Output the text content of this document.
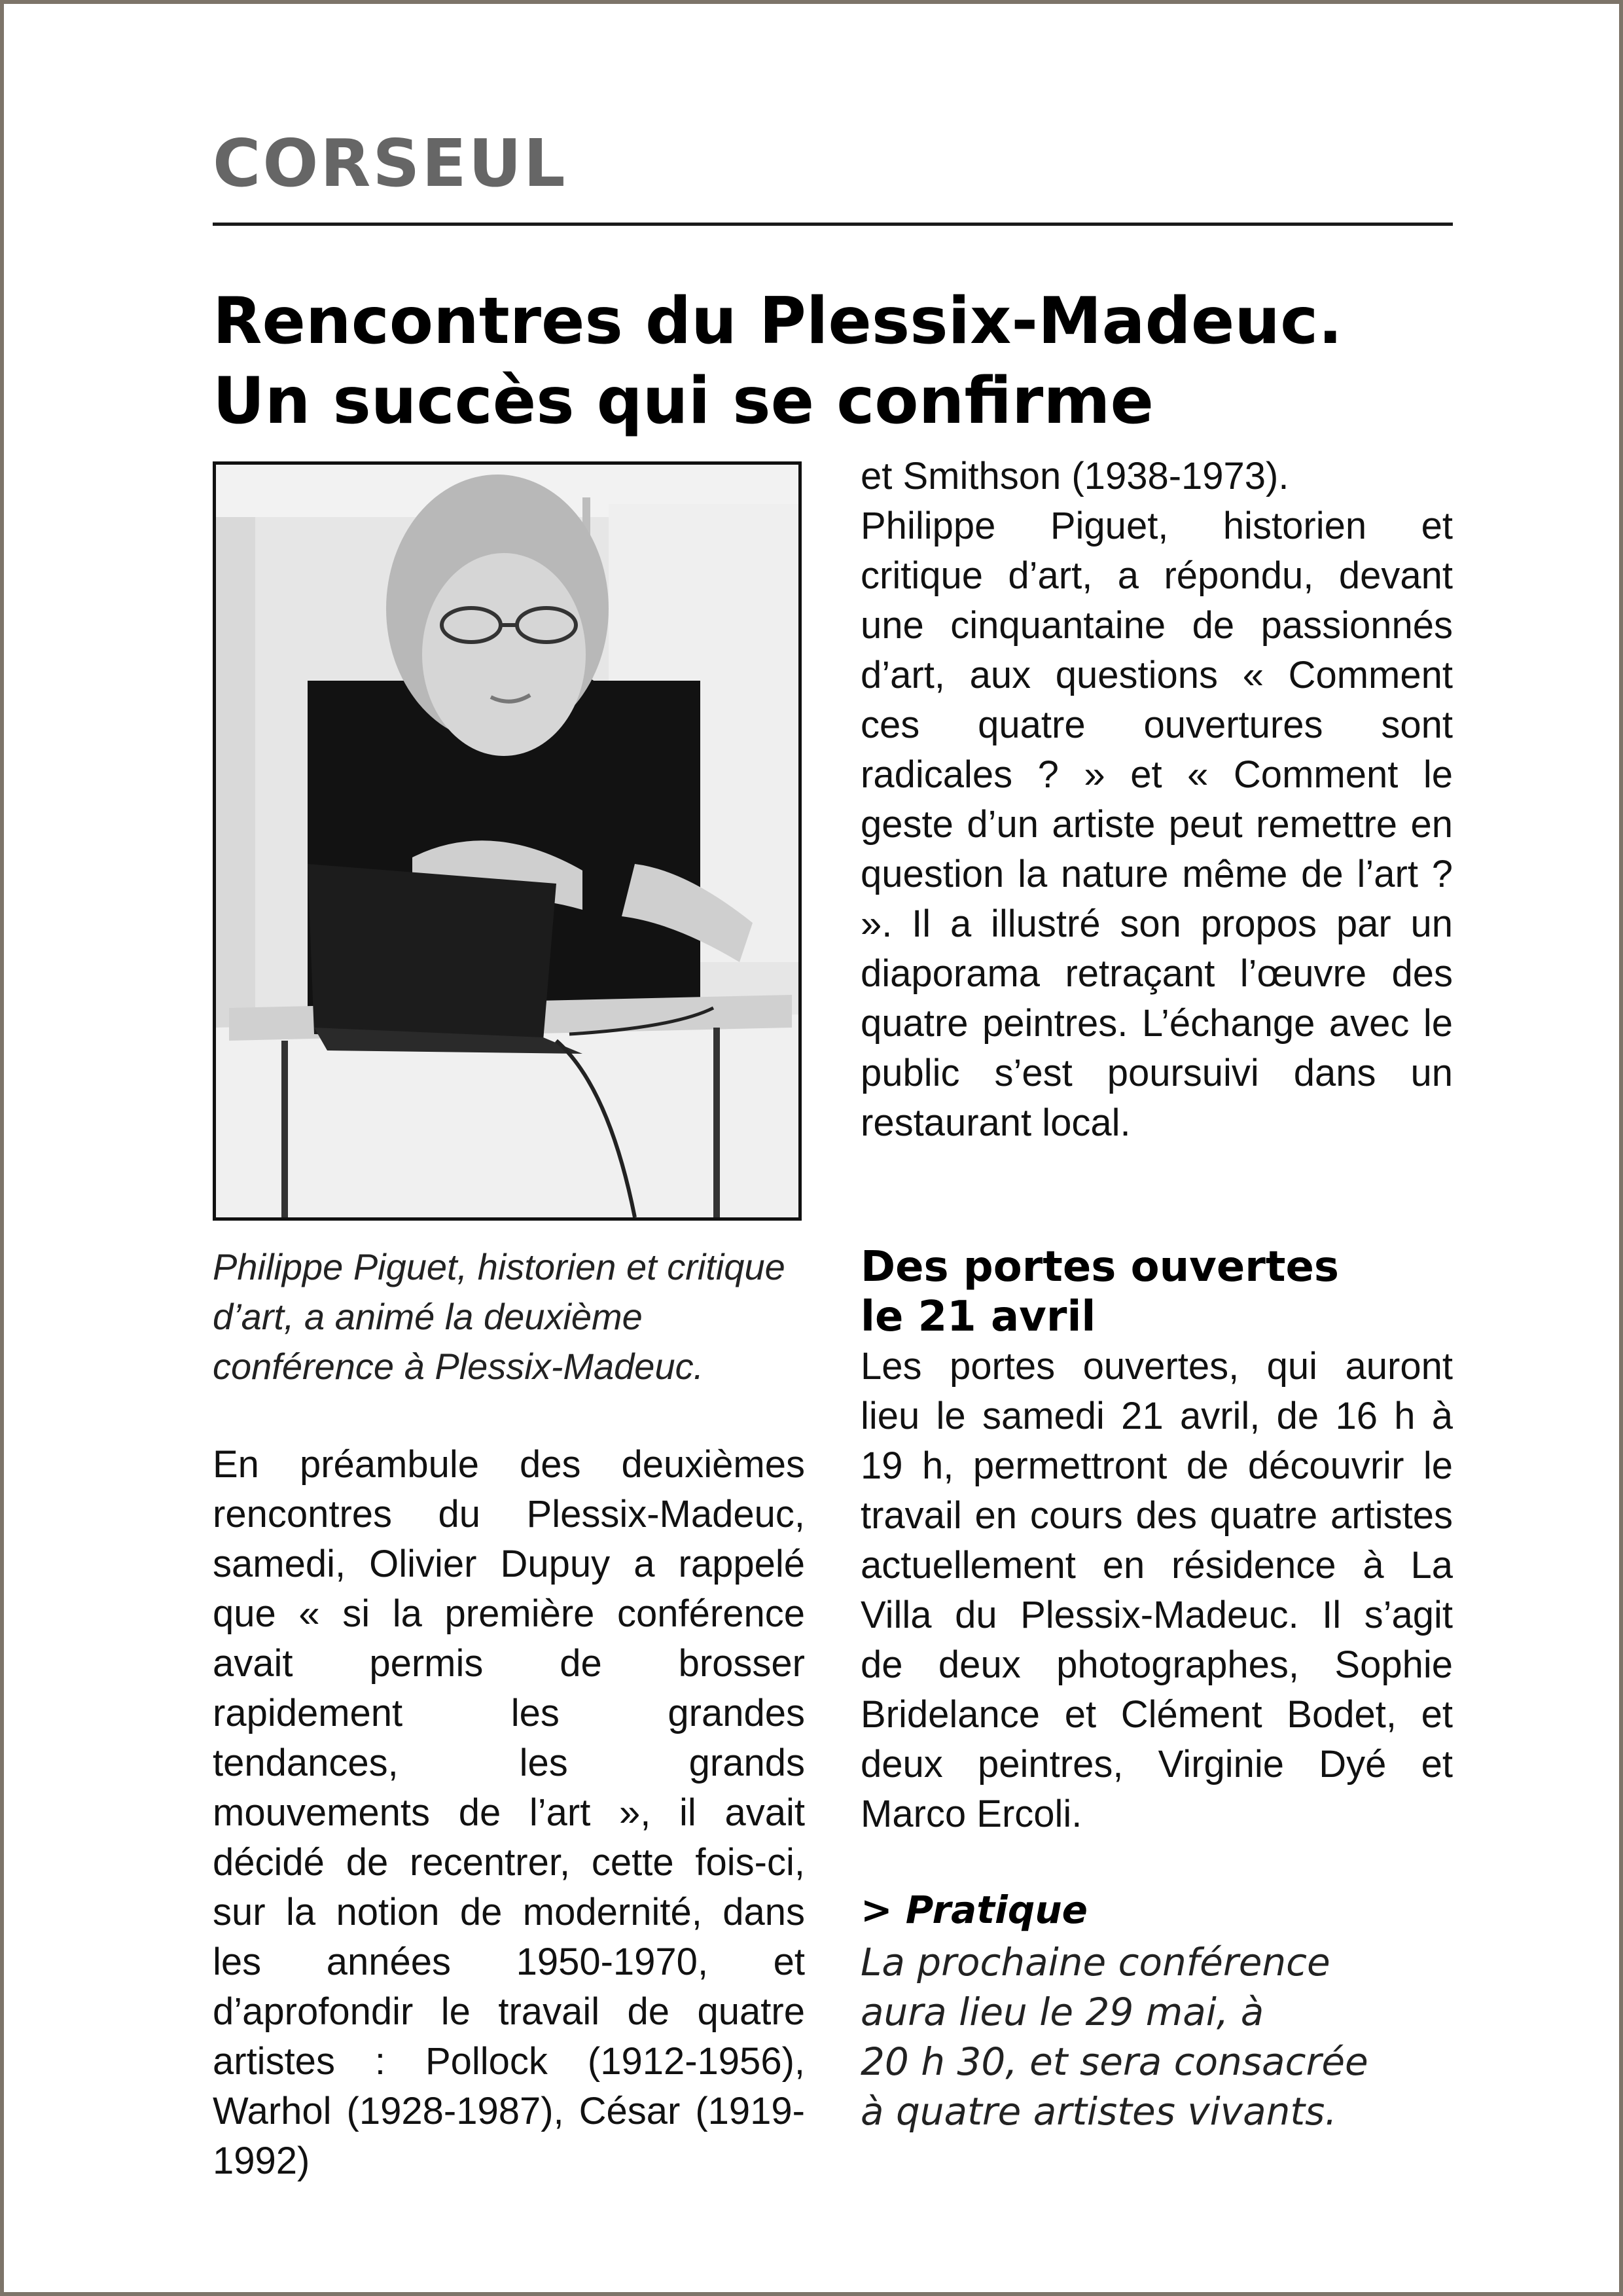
CORSEUL
Rencontres du Plessix-Madeuc.
Un succès qui se confirme
Philippe Piguet, historien et critique d’art, a animé la deuxième conférence à Plessix-Madeuc.
En préambule des deuxièmes rencontres du Plessix-Madeuc, samedi, Olivier Dupuy a rappelé que « si la première conférence avait permis de brosser rapidement les grandes tendances, les grands mouvements de l’art », il avait décidé de recentrer, cette fois-ci, sur la notion de modernité, dans les années 1950-1970, et d’aprofondir le travail de quatre artistes : Pollock (1912-1956), Warhol (1928-1987), César (1919-1992)
et Smithson (1938-1973).
Philippe Piguet, historien et critique d’art, a répondu, devant une cinquantaine de passionnés d’art, aux questions « Comment ces quatre ouvertures sont radicales ? » et « Comment le geste d’un artiste peut remettre en question la nature même de l’art ? ». Il a illustré son propos par un diaporama retraçant l’œuvre des quatre peintres. L’échange avec le public s’est poursuivi dans un restaurant local.
Des portes ouvertes
le 21 avril
Les portes ouvertes, qui auront lieu le samedi 21 avril, de 16 h à 19 h, permettront de découvrir le travail en cours des quatre artistes actuellement en résidence à La Villa du Plessix-Madeuc. Il s’agit de deux photographes, Sophie Bridelance et Clément Bodet, et deux peintres, Virginie Dyé et Marco Ercoli.
> Pratique
La prochaine conférence
aura lieu le 29 mai, à
20 h 30, et sera consacrée
à quatre artistes vivants.
